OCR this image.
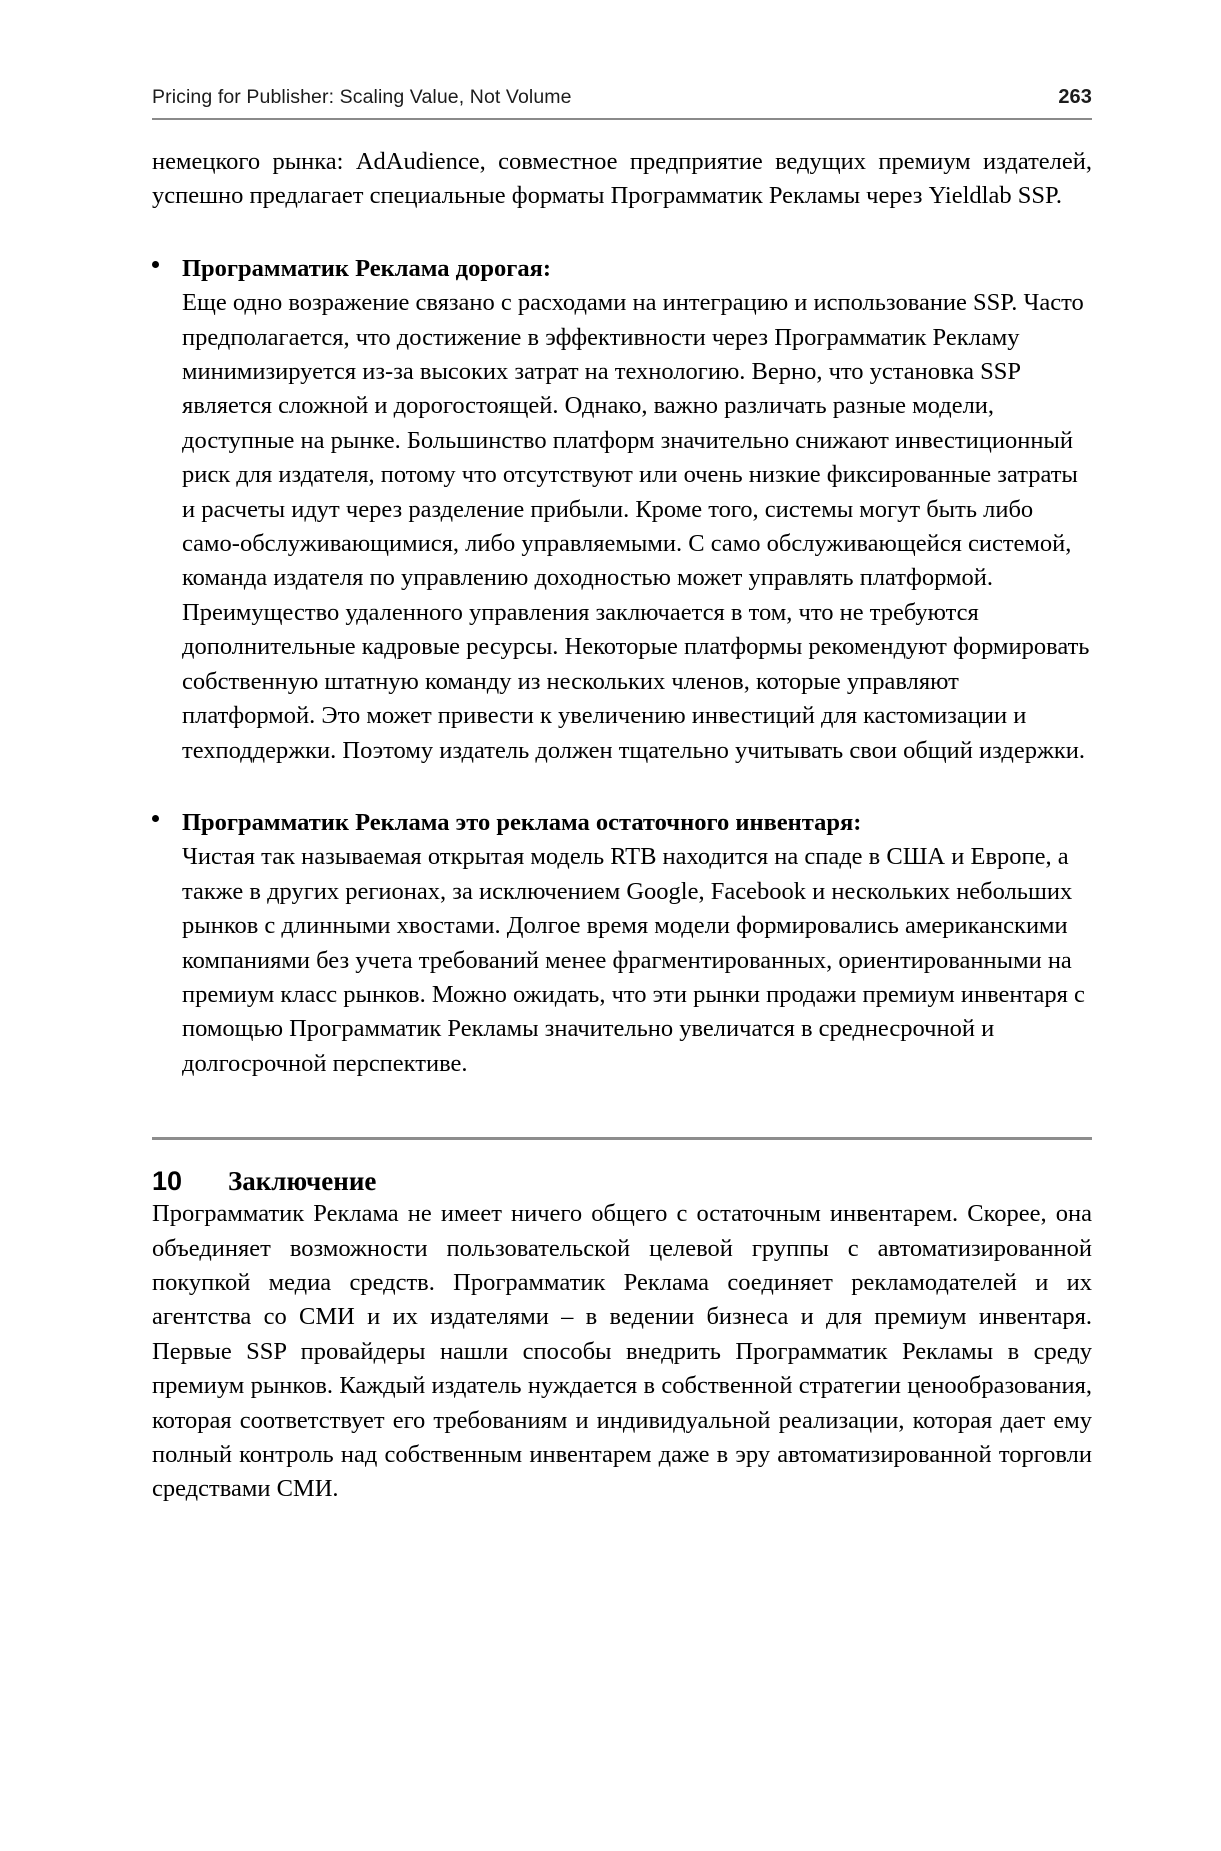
Pricing for Publisher: Scaling Value, Not Volume	263

немецкого рынка: AdAudience, совместное предприятие ведущих премиум издателей, успешно предлагает специальные форматы Программатик Рекламы через Yieldlab SSP.

Программатик Реклама дорогая:

Еще одно возражение связано с расходами на интеграцию и использование SSP. Часто предполагается, что достижение в эффективности через Программатик Рекламу минимизируется из-за высоких затрат на технологию. Верно, что установка SSP является сложной и дорогостоящей. Однако, важно различать разные модели, доступные на рынке. Большинство платформ значительно снижают инвестиционный риск для издателя, потому что отсутствуют или очень низкие фиксированные затраты и расчеты идут через разделение прибыли. Кроме того, системы могут быть либо само-обслуживающимися, либо управляемыми. С само обслуживающейся системой, команда издателя по управлению доходностью может управлять платформой. Преимущество удаленного управления заключается в том, что не требуются дополнительные кадровые ресурсы. Некоторые платформы рекомендуют формировать собственную штатную команду из нескольких членов, которые управляют платформой. Это может привести к увеличению инвестиций для кастомизации и техподдержки. Поэтому издатель должен тщательно учитывать свои общий издержки.

Программатик Реклама это реклама остаточного инвентаря:

Чистая так называемая открытая модель RTB находится на спаде в США и Европе, а также в других регионах, за исключением Google, Facebook и нескольких небольших рынков с длинными хвостами. Долгое время модели формировались американскими компаниями без учета требований менее фрагментированных, ориентированными на премиум класс рынков. Можно ожидать, что эти рынки продажи премиум инвентаря с помощью Программатик Рекламы значительно увеличатся в среднесрочной и долгосрочной перспективе.

10	Заключение

Программатик Реклама не имеет ничего общего с остаточным инвентарем. Скорее, она объединяет возможности пользовательской целевой группы с автоматизированной покупкой медиа средств. Программатик Реклама соединяет рекламодателей и их агентства со СМИ и их издателями – в ведении бизнеса и для премиум инвентаря. Первые SSP провайдеры нашли способы внедрить Программатик Рекламы в среду премиум рынков. Каждый издатель нуждается в собственной стратегии ценообразования, которая соответствует его требованиям и индивидуальной реализации, которая дает ему полный контроль над собственным инвентарем даже в эру автоматизированной торговли средствами СМИ.
